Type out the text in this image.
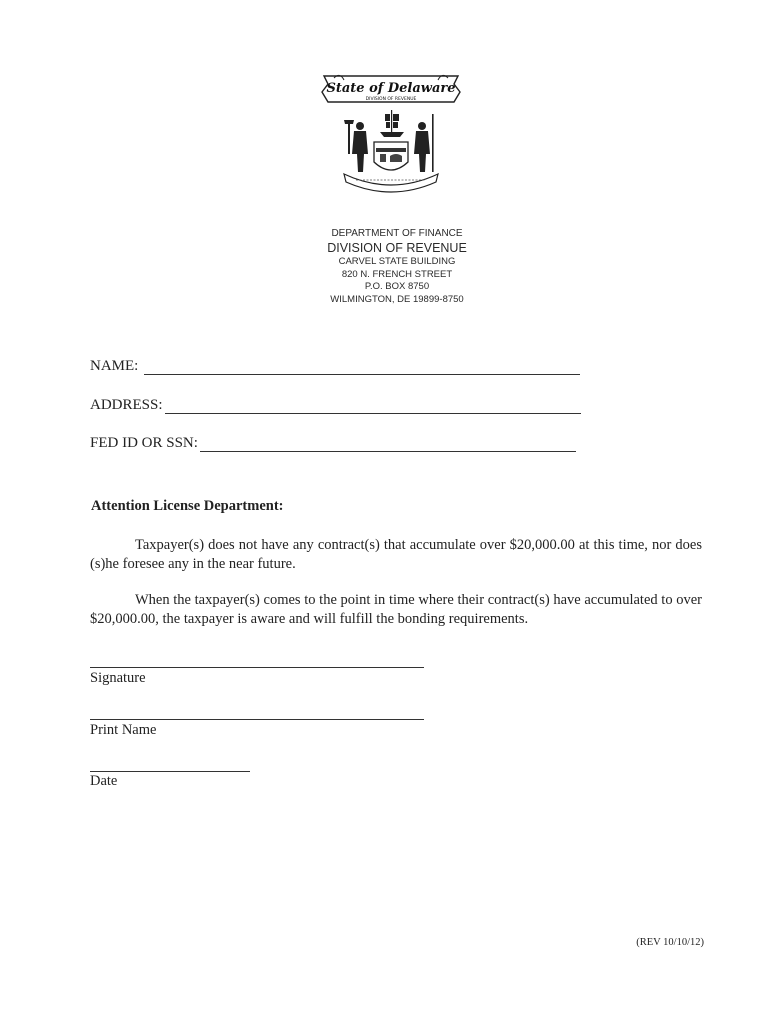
State of Delaware
DIVISION OF REVENUE
DEPARTMENT OF FINANCE
DIVISION OF REVENUE
CARVEL STATE BUILDING
820 N. FRENCH STREET
P.O. BOX 8750
WILMINGTON, DE 19899-8750
NAME:
ADDRESS:
FED ID OR SSN:
Attention License Department:
Taxpayer(s) does not have any contract(s) that accumulate over $20,000.00 at this time, nor does (s)he foresee any in the near future.
When the taxpayer(s) comes to the point in time where their contract(s) have accumulated to over $20,000.00, the taxpayer is aware and will fulfill the bonding requirements.
Signature
Print Name
Date
(REV 10/10/12)
